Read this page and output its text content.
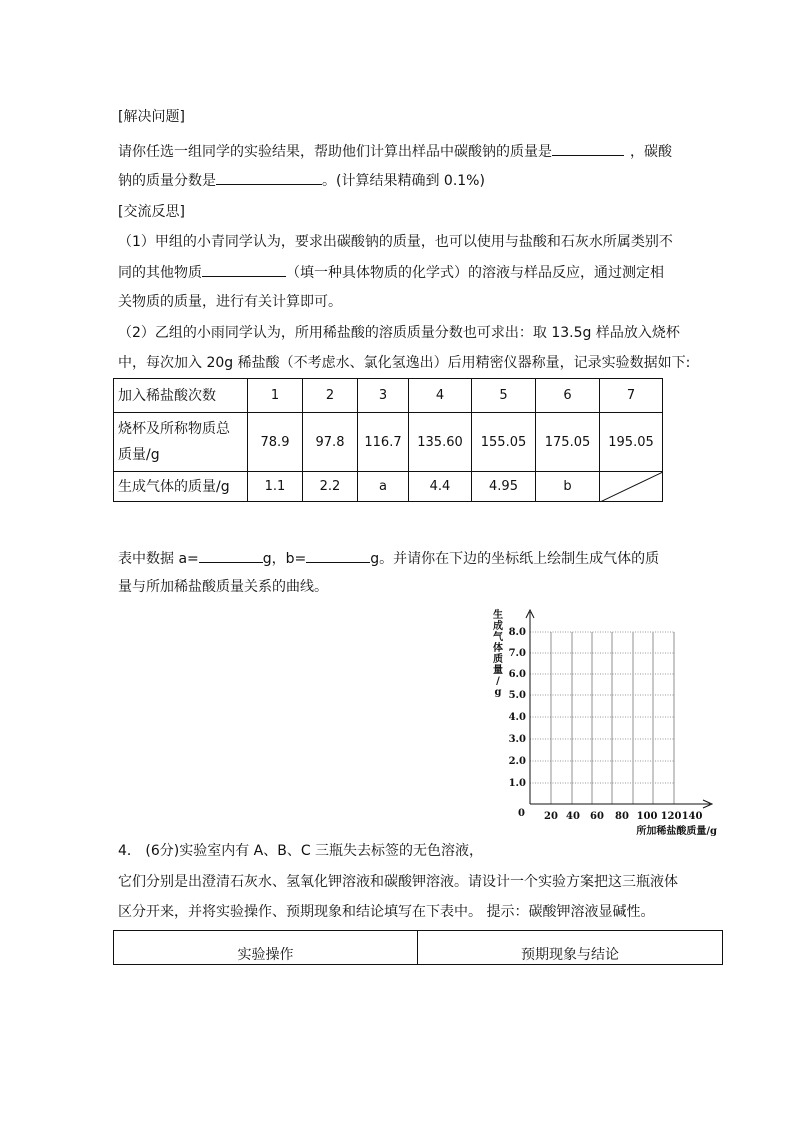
[解决问题]
请你任选一组同学的实验结果，帮助他们计算出样品中碳酸钠的质量是	，碳酸
钠的质量分数是	。(计算结果精确到 0.1%)
[交流反思]
（1）甲组的小青同学认为，要求出碳酸钠的质量，也可以使用与盐酸和石灰水所属类别不
同的其他物质	（填一种具体物质的化学式）的溶液与样品反应，通过测定相
关物质的质量，进行有关计算即可。
（2）乙组的小雨同学认为，所用稀盐酸的溶质质量分数也可求出：取 13.5g 样品放入烧杯
中，每次加入 20g 稀盐酸（不考虑水、氯化氢逸出）后用精密仪器称量，记录实验数据如下:
加入稀盐酸次数	1	2	3	4	5	6	7

烧杯及所称物质总
质量/g	78.9	97.8	116.7	135.60	155.05	175.05	195.05
生成气体的质量/g	1.1	2.2	a	4.4	4.95	b	
表中数据 a=	g，b=	g。并请你在下边的坐标纸上绘制生成气体的质
量与所加稀盐酸质量关系的曲线。
生
成
气
体
质
量
/
g
8.0
7.0
6.0
5.0
4.0
3.0
2.0
1.0
0 20 40 60 80 100 120 140
所加稀盐酸质量/g
4． (6分)实验室内有 A、B、C 三瓶失去标签的无色溶液，
它们分别是出澄清石灰水、氢氧化钾溶液和碳酸钾溶液。请设计一个实验方案把这三瓶液体
区分开来，并将实验操作、预期现象和结论填写在下表中。 提示：碳酸钾溶液显碱性。
实验操作	预期现象与结论
